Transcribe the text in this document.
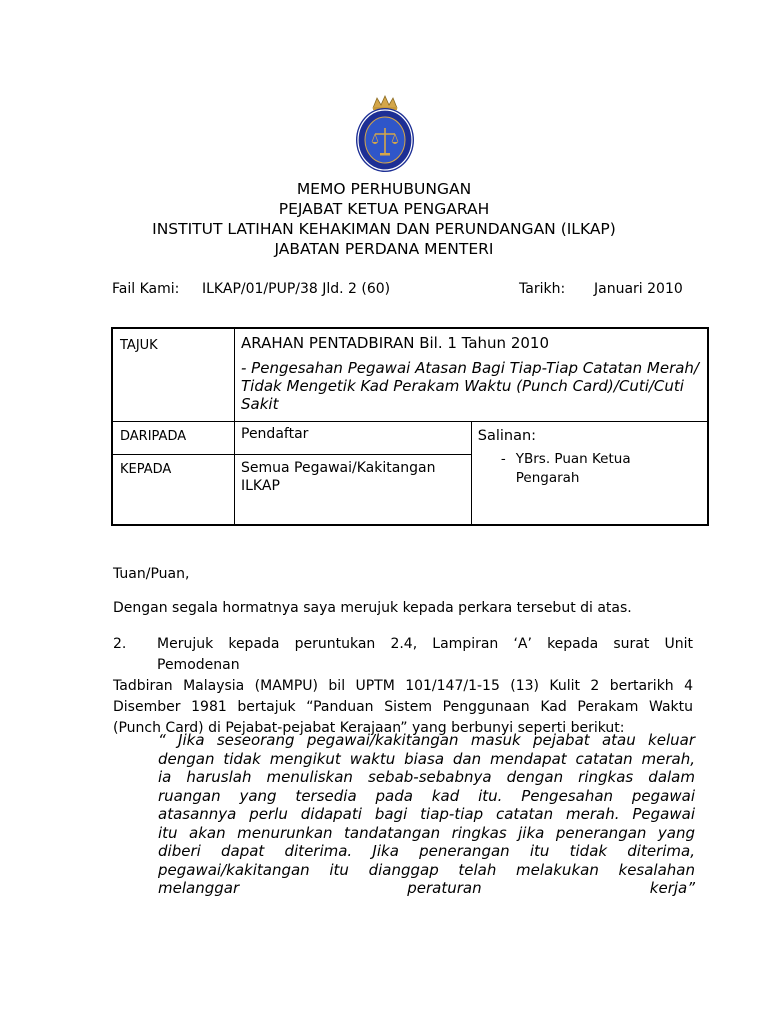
MEMO PERHUBUNGAN
PEJABAT KETUA PENGARAH
INSTITUT LATIHAN KEHAKIMAN DAN PERUNDANGAN (ILKAP)
JABATAN PERDANA MENTERI
Fail Kami: ILKAP/01/PUP/38 Jld. 2 (60)	Tarikh: Januari 2010
TAJUK	ARAHAN PENTADBIRAN Bil. 1 Tahun 2010
- Pengesahan Pegawai Atasan Bagi Tiap-Tiap Catatan Merah/ Tidak Mengetik Kad Perakam Waktu (Punch Card)/Cuti/Cuti Sakit	

DARIPADA	Pendaftar	Salinan:
- YBrs. Puan Ketua Pengarah

KEPADA	Semua Pegawai/Kakitangan ILKAP	
Tuan/Puan,
Dengan segala hormatnya saya merujuk kepada perkara tersebut di atas.
2.	Merujuk kepada peruntukan 2.4, Lampiran ‘A’ kepada surat Unit Pemodenan
Tadbiran Malaysia (MAMPU) bil UPTM 101/147/1-15 (13) Kulit 2 bertarikh 4
Disember 1981 bertajuk “Panduan Sistem Penggunaan Kad Perakam Waktu
(Punch Card) di Pejabat-pejabat Kerajaan” yang berbunyi seperti berikut:
“ Jika seseorang pegawai/kakitangan masuk pejabat atau keluar
dengan tidak mengikut waktu biasa dan mendapat catatan merah,
ia haruslah menuliskan sebab-sebabnya dengan ringkas dalam
ruangan yang tersedia pada kad itu. Pengesahan pegawai
atasannya perlu didapati bagi tiap-tiap catatan merah. Pegawai
itu akan menurunkan tandatangan ringkas jika penerangan yang
diberi dapat diterima. Jika penerangan itu tidak diterima,
pegawai/kakitangan itu dianggap telah melakukan kesalahan
melanggar peraturan kerja”
